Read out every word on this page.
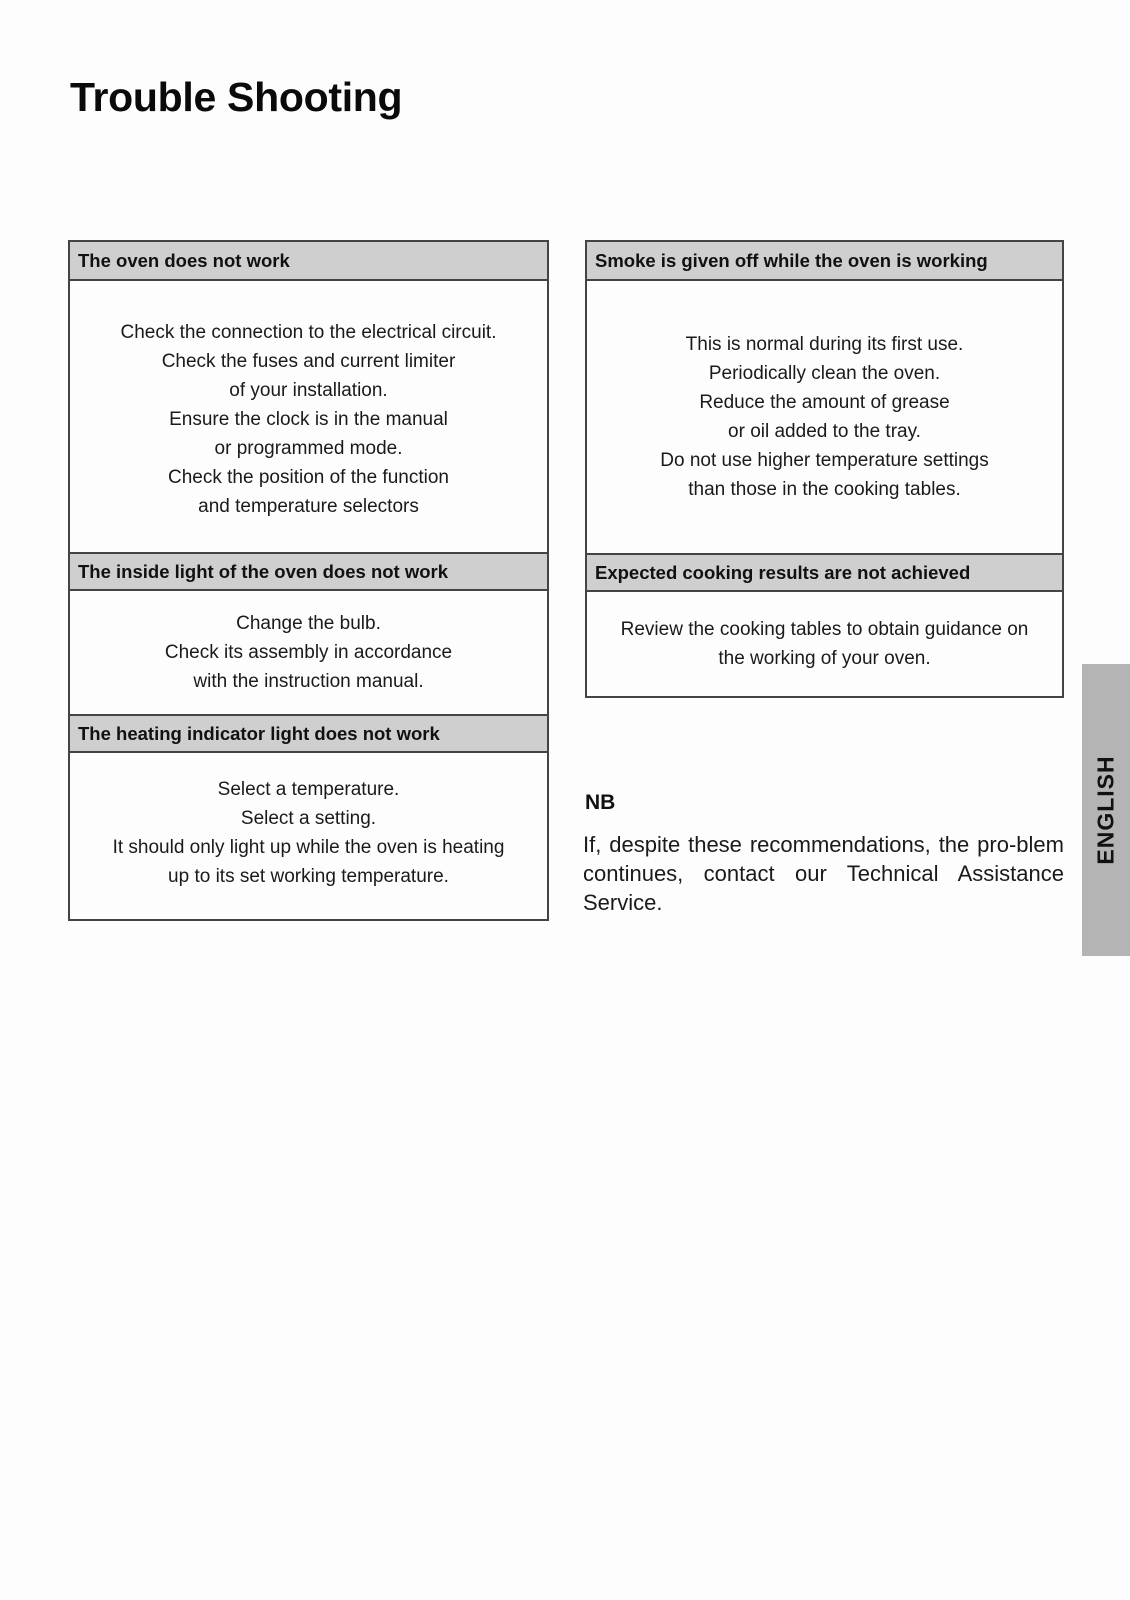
Trouble Shooting
The oven does not work
Check the connection to the electrical circuit.
Check the fuses and current limiter
of your installation.
Ensure the clock is in the manual
or programmed mode.
Check the position of the function
and temperature selectors
The inside light of the oven does not work
Change the bulb.
Check its assembly in accordance
with the instruction manual.
The heating indicator light does not work
Select a temperature.
Select a setting.
It should only light up while the oven is heating
up to its set working temperature.
Smoke is given off while the oven is working
This is normal during its first use.
Periodically clean the oven.
Reduce the amount of grease
or oil added to the tray.
Do not use higher temperature settings
than those in the cooking tables.
Expected cooking results are not achieved
Review the cooking tables to obtain guidance on
the working of your oven.
NB

If, despite these recommendations, the pro-blem continues, contact our Technical Assistance Service.

ENGLISH
